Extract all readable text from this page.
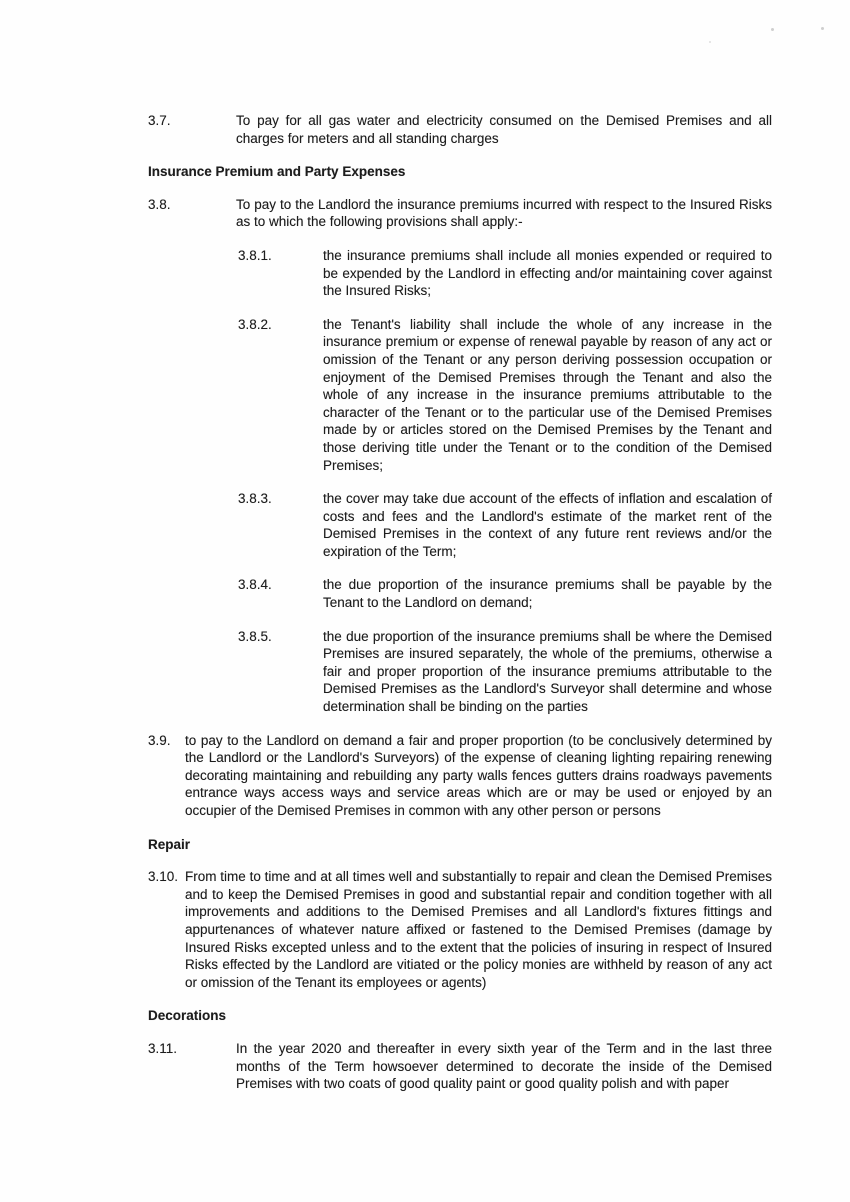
3.7.	To pay for all gas water and electricity consumed on the Demised Premises and all charges for meters and all standing charges

Insurance Premium and Party Expenses
3.8.	To pay to the Landlord the insurance premiums incurred with respect to the Insured Risks as to which the following provisions shall apply:-

3.8.1.	the insurance premiums shall include all monies expended or required to be expended by the Landlord in effecting and/or maintaining cover against the Insured Risks;

3.8.2.	the Tenant's liability shall include the whole of any increase in the insurance premium or expense of renewal payable by reason of any act or omission of the Tenant or any person deriving possession occupation or enjoyment of the Demised Premises through the Tenant and also the whole of any increase in the insurance premiums attributable to the character of the Tenant or to the particular use of the Demised Premises made by or articles stored on the Demised Premises by the Tenant and those deriving title under the Tenant or to the condition of the Demised Premises;

3.8.3.	the cover may take due account of the effects of inflation and escalation of costs and fees and the Landlord's estimate of the market rent of the Demised Premises in the context of any future rent reviews and/or the expiration of the Term;

3.8.4.	the due proportion of the insurance premiums shall be payable by the Tenant to the Landlord on demand;

3.8.5.	the due proportion of the insurance premiums shall be where the Demised Premises are insured separately, the whole of the premiums, otherwise a fair and proper proportion of the insurance premiums attributable to the Demised Premises as the Landlord's Surveyor shall determine and whose determination shall be binding on the parties

3.9.	to pay to the Landlord on demand a fair and proper proportion (to be conclusively determined by the Landlord or the Landlord's Surveyors) of the expense of cleaning lighting repairing renewing decorating maintaining and rebuilding any party walls fences gutters drains roadways pavements entrance ways access ways and service areas which are or may be used or enjoyed by an occupier of the Demised Premises in common with any other person or persons

Repair
3.10. From time to time and at all times well and substantially to repair and clean the Demised Premises and to keep the Demised Premises in good and substantial repair and condition together with all improvements and additions to the Demised Premises and all Landlord's fixtures fittings and appurtenances of whatever nature affixed or fastened to the Demised Premises (damage by Insured Risks excepted unless and to the extent that the policies of insuring in respect of Insured Risks effected by the Landlord are vitiated or the policy monies are withheld by reason of any act or omission of the Tenant its employees or agents)

Decorations
3.11.	In the year 2020 and thereafter in every sixth year of the Term and in the last three months of the Term howsoever determined to decorate the inside of the Demised Premises with two coats of good quality paint or good quality polish and with paper
